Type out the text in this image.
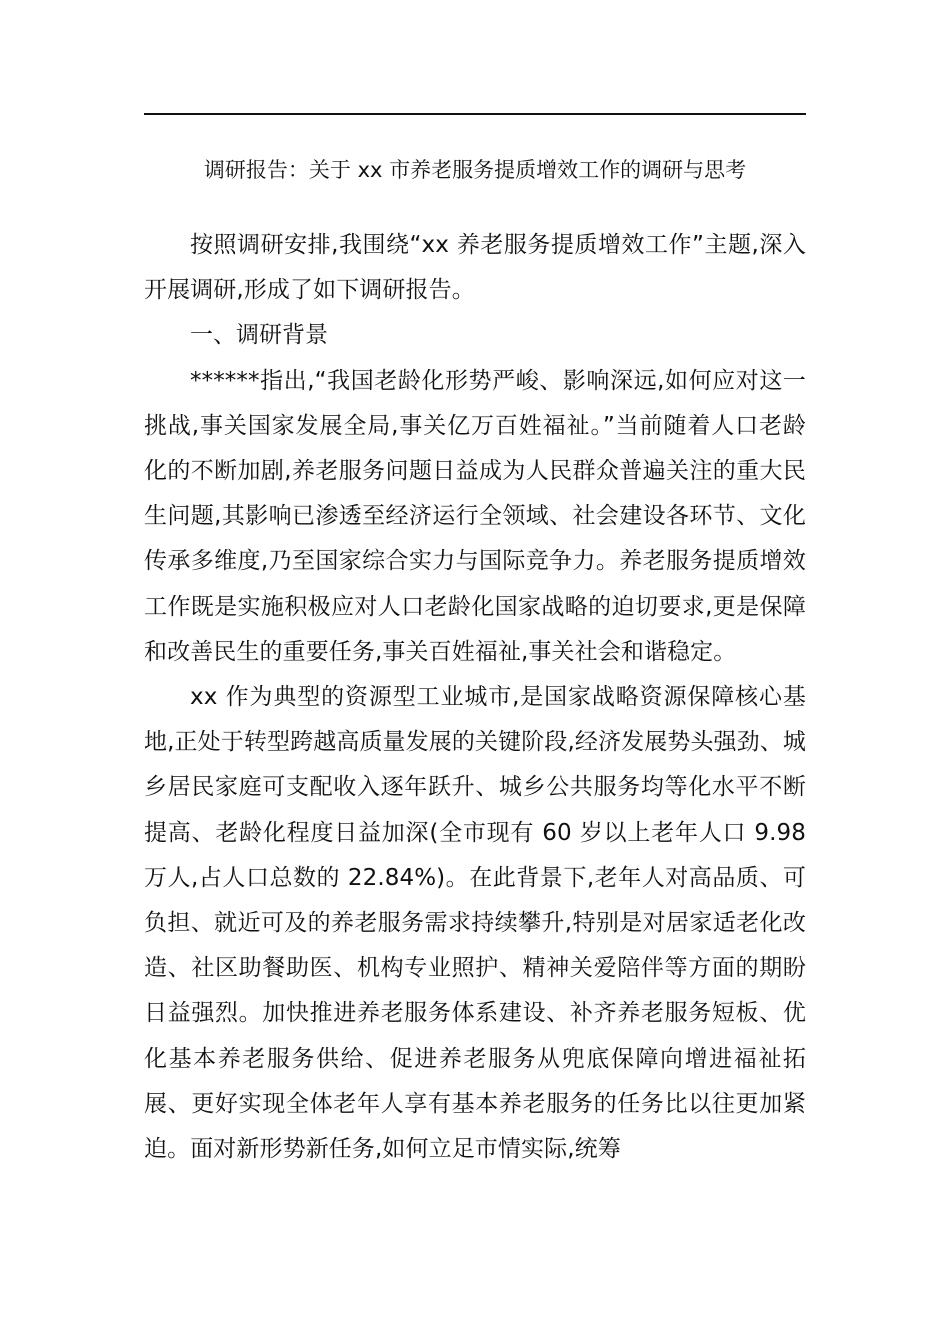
调研报告：关于 xx 市养老服务提质增效工作的调研与思考

按照调研安排,我围绕“xx 养老服务提质增效工作”主题,深入开展调研,形成了如下调研报告。

一、调研背景

******指出,“我国老龄化形势严峻、影响深远,如何应对这一挑战,事关国家发展全局,事关亿万百姓福祉。”当前随着人口老龄化的不断加剧,养老服务问题日益成为人民群众普遍关注的重大民生问题,其影响已渗透至经济运行全领域、社会建设各环节、文化传承多维度,乃至国家综合实力与国际竞争力。养老服务提质增效工作既是实施积极应对人口老龄化国家战略的迫切要求,更是保障和改善民生的重要任务,事关百姓福祉,事关社会和谐稳定。

xx 作为典型的资源型工业城市,是国家战略资源保障核心基地,正处于转型跨越高质量发展的关键阶段,经济发展势头强劲、城乡居民家庭可支配收入逐年跃升、城乡公共服务均等化水平不断提高、老龄化程度日益加深(全市现有 60 岁以上老年人口 9.98 万人,占人口总数的 22.84%)。在此背景下,老年人对高品质、可负担、就近可及的养老服务需求持续攀升,特别是对居家适老化改造、社区助餐助医、机构专业照护、精神关爱陪伴等方面的期盼日益强烈。加快推进养老服务体系建设、补齐养老服务短板、优化基本养老服务供给、促进养老服务从兜底保障向增进福祉拓展、更好实现全体老年人享有基本养老服务的任务比以往更加紧迫。面对新形势新任务,如何立足市情实际,统筹
